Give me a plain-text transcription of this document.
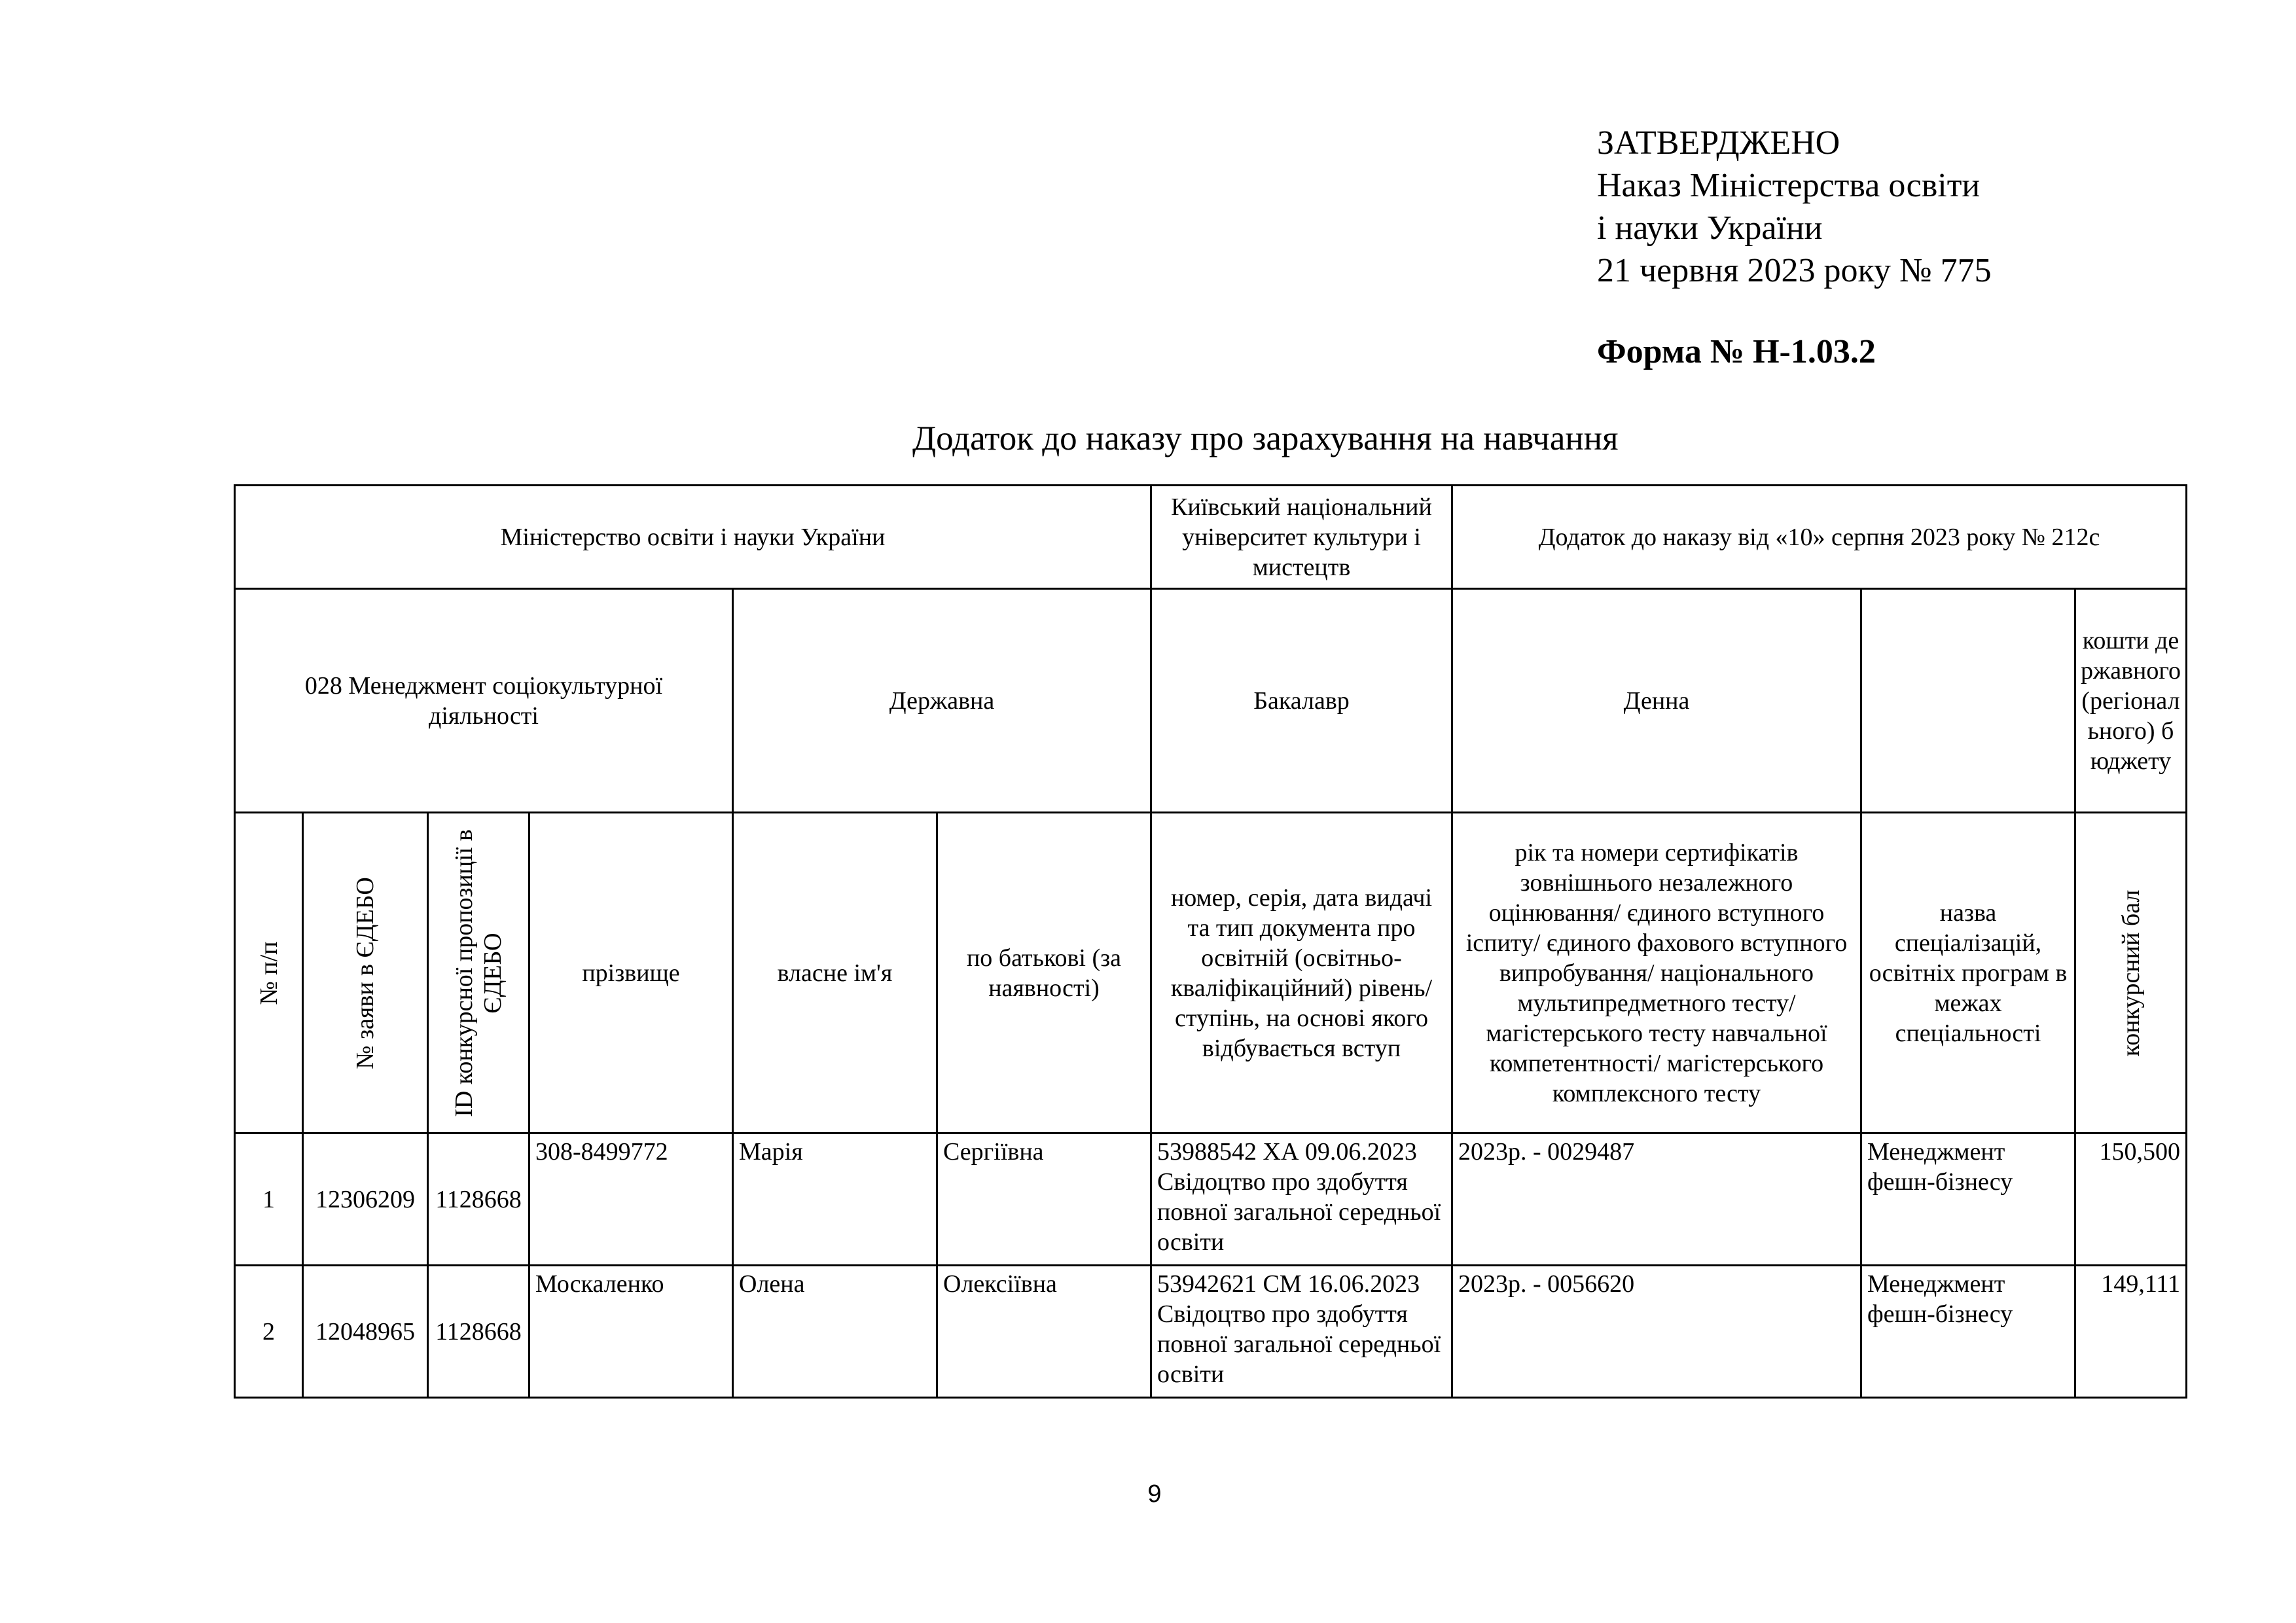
ЗАТВЕРДЖЕНО
Наказ Міністерства освіти
і науки України
21 червня 2023 року № 775
Форма № Н-1.03.2
Додаток до наказу про зарахування на навчання
Міністерство освіти і науки України						Київський національний університет культури і мистецтв	Додаток до наказу від «10» серпня 2023 року № 212с		
028 Менеджмент соціокультурної діяльності				Державна		Бакалавр	Денна		кошти державного (регіонального) бюджету

№ п/п	№ заяви в ЄДЕБО	ID конкурсної пропозиції в ЄДЕБО	прізвище	власне ім'я	по батькові (за наявності)	номер, серія, дата видачі та тип документа про освітній (освітньо-кваліфікаційний) рівень/ступінь, на основі якого відбувається вступ	рік та номери сертифікатів зовнішнього незалежного оцінювання/ єдиного вступного іспиту/ єдиного фахового вступного випробування/ національного мультипредметного тесту/ магістерського тесту навчальної компетентності/ магістерського комплексного тесту	назва спеціалізацій, освітніх програм в межах спеціальності	конкурсний бал

1	12306209	1128668	308-8499772	Марія	Сергіївна	53988542 ХА 09.06.2023 Свідоцтво про здобуття повної загальної середньої освіти	2023р. - 0029487	Менеджмент фешн-бізнесу	150,500
2	12048965	1128668	Москаленко	Олена	Олексіївна	53942621 СМ 16.06.2023 Свідоцтво про здобуття повної загальної середньої освіти	2023р. - 0056620	Менеджмент фешн-бізнесу	149,111
9
